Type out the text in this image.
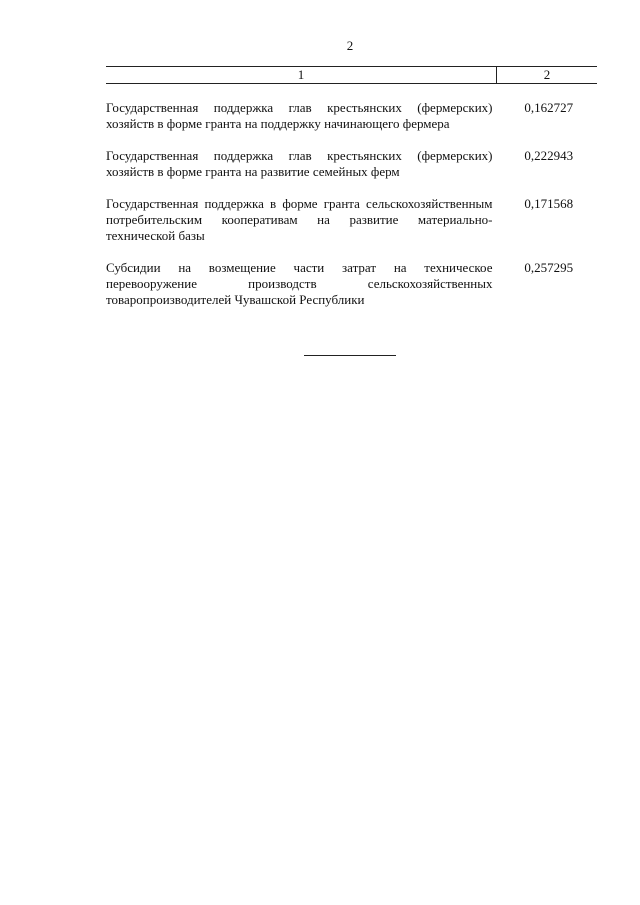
2
1	2

Государственная поддержка глав крестьянских (фермерских) хозяйств в форме гранта на поддержку начинающего фермера	0,162727

Государственная поддержка глав крестьянских (фермерских) хозяйств в форме гранта на развитие семейных ферм	0,222943

Государственная поддержка в форме гранта сельскохозяйственным потребительским кооперативам на развитие материально-технической базы	0,171568

Субсидии на возмещение части затрат на техническое перевооружение производств сельскохозяйственных товаропроизводителей Чувашской Республики	0,257295
